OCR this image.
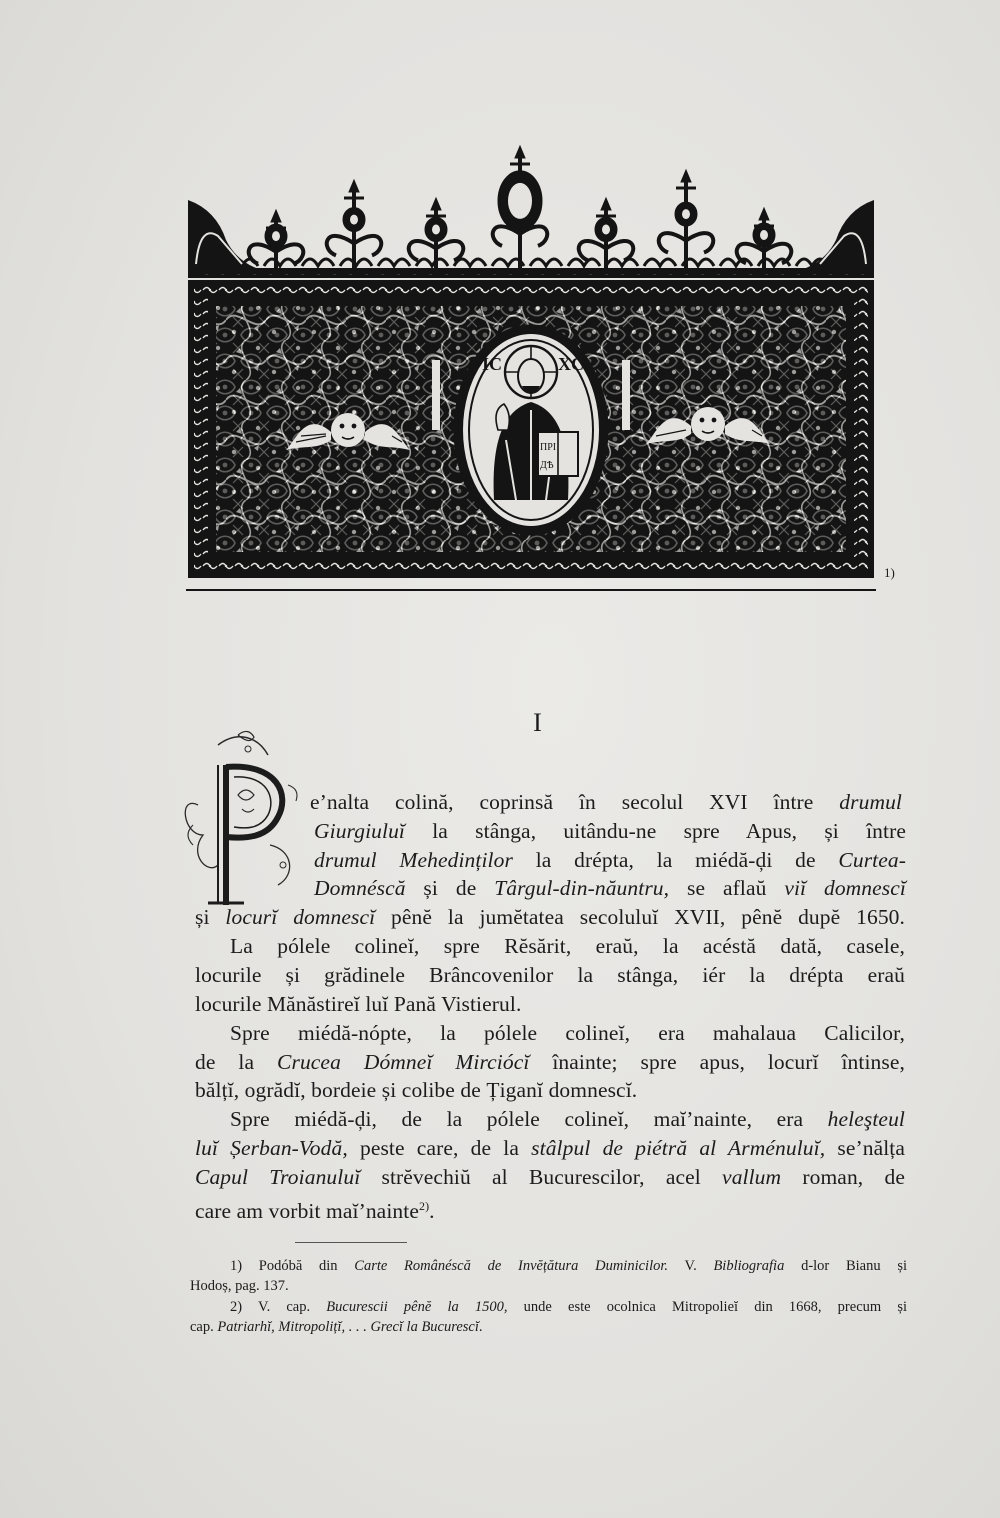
IC	XC
ПРІ
ДѢ
1)
I
e’nalta colină, coprinsă în secolul XVI între drumul
Giurgiuluĭ la stânga, uitându-ne spre Apus, și între
drumul Mehedinților la drépta, la miédă-ḑi de Curtea-
Domnéscă și de Târgul-din-năuntru, se aflaŭ viĭ domnescĭ
și locurĭ domnescĭ pênĕ la jumĕtatea secoluluĭ XVII, pênĕ dupĕ 1650.
La pólele colineĭ, spre Rĕsărit, eraŭ, la acéstă dată, casele,
locurile și grădinele Brâncovenilor la stânga, iér la drépta eraŭ
locurile Mănăstireĭ luĭ Pană Vistierul.
Spre miédă-nópte, la pólele colineĭ, era mahalaua Calicilor,
de la Crucea Dómneĭ Mirciócĭ înainte; spre apus, locurĭ întinse,
bălțĭ, ogrădĭ, bordeie și colibe de Țiganĭ domnescĭ.
Spre miédă-ḑi, de la pólele colineĭ, maĭ’nainte, era heleşteul
luĭ Șerban-Vodă, peste care, de la stâlpul de piétră al Arménuluĭ, se’nălța
Capul Troianuluĭ strĕvechiŭ al Bucurescilor, acel vallum roman, de
care am vorbit maĭ’nainte$^{2)}$.
1) Podóbă din Carte Românéscă de Invĕțătura Duminicilor. V. Bibliografia d-lor Bianu și
Hodoș, pag. 137.
2) V. cap. Bucurescii pênĕ la 1500, unde este ocolnica Mitropolieĭ din 1668, precum și
cap. Patriarhĭ, Mitropolițĭ, . . . Grecĭ la Bucurescĭ.
